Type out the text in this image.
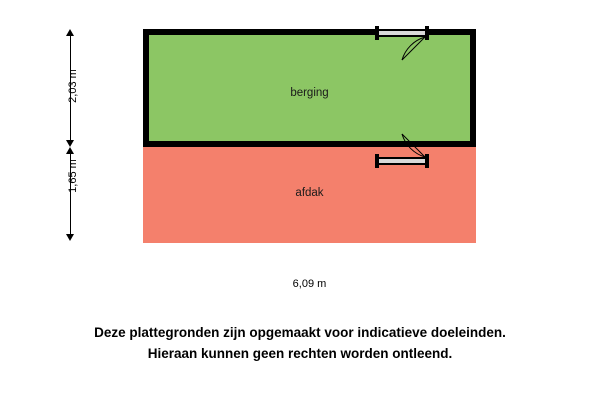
afdak
berging
2,03 m
1,65 m
6,09 m
Deze plattegronden zijn opgemaakt voor indicatieve doeleinden.
Hieraan kunnen geen rechten worden ontleend.
